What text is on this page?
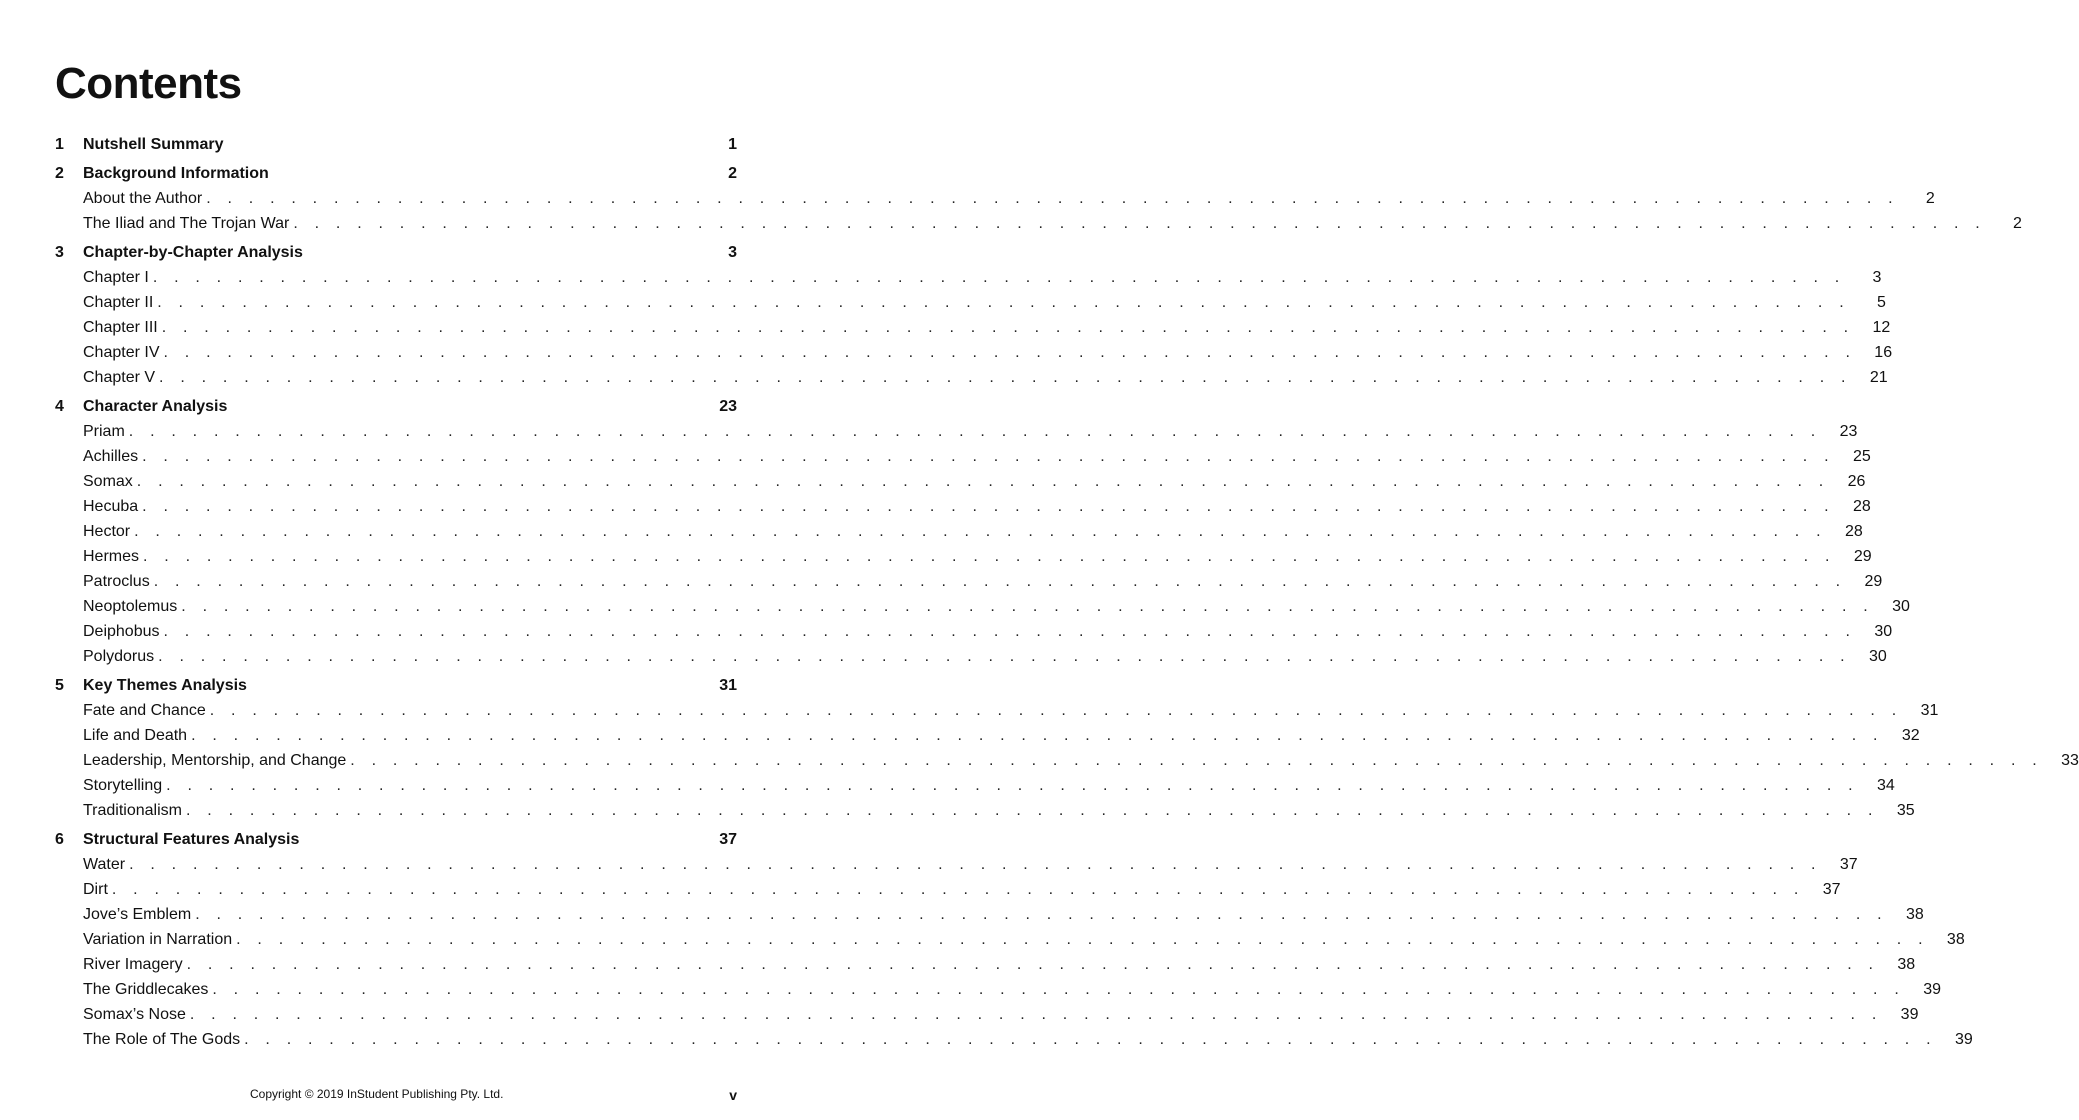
Contents
1	Nutshell Summary	1
2	Background Information	2
About the Author . . . . . . . . . . . . . . . . . . . . . . . . . . . . . . . . . . . . . . . . . . . . . . . . . . . . . . . . . . . . . . . . . . . . . . . . . . . . . . . .	2
The Iliad and The Trojan War . . . . . . . . . . . . . . . . . . . . . . . . . . . . . . . . . . . . . . . . . . . . . . . . . . . . . . . . . . . . . . . . . . . . . . . . . . . . . . . .	2
3	Chapter-by-Chapter Analysis	3
Chapter I . . . . . . . . . . . . . . . . . . . . . . . . . . . . . . . . . . . . . . . . . . . . . . . . . . . . . . . . . . . . . . . . . . . . . . . . . . . . . . . .	3
Chapter II . . . . . . . . . . . . . . . . . . . . . . . . . . . . . . . . . . . . . . . . . . . . . . . . . . . . . . . . . . . . . . . . . . . . . . . . . . . . . . . .	5
Chapter III . . . . . . . . . . . . . . . . . . . . . . . . . . . . . . . . . . . . . . . . . . . . . . . . . . . . . . . . . . . . . . . . . . . . . . . . . . . . . . . . 12
Chapter IV . . . . . . . . . . . . . . . . . . . . . . . . . . . . . . . . . . . . . . . . . . . . . . . . . . . . . . . . . . . . . . . . . . . . . . . . . . . . . . . . 16
Chapter V . . . . . . . . . . . . . . . . . . . . . . . . . . . . . . . . . . . . . . . . . . . . . . . . . . . . . . . . . . . . . . . . . . . . . . . . . . . . . . . . 21
4	Character Analysis	23
Priam . . . . . . . . . . . . . . . . . . . . . . . . . . . . . . . . . . . . . . . . . . . . . . . . . . . . . . . . . . . . . . . . . . . . . . . . . . . . . . . . 23
Achilles . . . . . . . . . . . . . . . . . . . . . . . . . . . . . . . . . . . . . . . . . . . . . . . . . . . . . . . . . . . . . . . . . . . . . . . . . . . . . . . . 25
Somax . . . . . . . . . . . . . . . . . . . . . . . . . . . . . . . . . . . . . . . . . . . . . . . . . . . . . . . . . . . . . . . . . . . . . . . . . . . . . . . . 26
Hecuba . . . . . . . . . . . . . . . . . . . . . . . . . . . . . . . . . . . . . . . . . . . . . . . . . . . . . . . . . . . . . . . . . . . . . . . . . . . . . . . . 28
Hector . . . . . . . . . . . . . . . . . . . . . . . . . . . . . . . . . . . . . . . . . . . . . . . . . . . . . . . . . . . . . . . . . . . . . . . . . . . . . . . . 28
Hermes . . . . . . . . . . . . . . . . . . . . . . . . . . . . . . . . . . . . . . . . . . . . . . . . . . . . . . . . . . . . . . . . . . . . . . . . . . . . . . . . 29
Patroclus . . . . . . . . . . . . . . . . . . . . . . . . . . . . . . . . . . . . . . . . . . . . . . . . . . . . . . . . . . . . . . . . . . . . . . . . . . . . . . . . 29
Neoptolemus . . . . . . . . . . . . . . . . . . . . . . . . . . . . . . . . . . . . . . . . . . . . . . . . . . . . . . . . . . . . . . . . . . . . . . . . . . . . . . . . 30
Deiphobus . . . . . . . . . . . . . . . . . . . . . . . . . . . . . . . . . . . . . . . . . . . . . . . . . . . . . . . . . . . . . . . . . . . . . . . . . . . . . . . . 30
Polydorus . . . . . . . . . . . . . . . . . . . . . . . . . . . . . . . . . . . . . . . . . . . . . . . . . . . . . . . . . . . . . . . . . . . . . . . . . . . . . . . . 30
5	Key Themes Analysis	31
Fate and Chance . . . . . . . . . . . . . . . . . . . . . . . . . . . . . . . . . . . . . . . . . . . . . . . . . . . . . . . . . . . . . . . . . . . . . . . . . . . . . . . . 31
Life and Death . . . . . . . . . . . . . . . . . . . . . . . . . . . . . . . . . . . . . . . . . . . . . . . . . . . . . . . . . . . . . . . . . . . . . . . . . . . . . . . . 32
Leadership, Mentorship, and Change . . . . . . . . . . . . . . . . . . . . . . . . . . . . . . . . . . . . . . . . . . . . . . . . . . . . . . . . . . . . . . . . . . . . . . . . . . . . . . . . 33
Storytelling . . . . . . . . . . . . . . . . . . . . . . . . . . . . . . . . . . . . . . . . . . . . . . . . . . . . . . . . . . . . . . . . . . . . . . . . . . . . . . . . 34
Traditionalism . . . . . . . . . . . . . . . . . . . . . . . . . . . . . . . . . . . . . . . . . . . . . . . . . . . . . . . . . . . . . . . . . . . . . . . . . . . . . . . . 35
6	Structural Features Analysis	37
Water . . . . . . . . . . . . . . . . . . . . . . . . . . . . . . . . . . . . . . . . . . . . . . . . . . . . . . . . . . . . . . . . . . . . . . . . . . . . . . . . 37
Dirt . . . . . . . . . . . . . . . . . . . . . . . . . . . . . . . . . . . . . . . . . . . . . . . . . . . . . . . . . . . . . . . . . . . . . . . . . . . . . . . . 37
Jove’s Emblem . . . . . . . . . . . . . . . . . . . . . . . . . . . . . . . . . . . . . . . . . . . . . . . . . . . . . . . . . . . . . . . . . . . . . . . . . . . . . . . . 38
Variation in Narration . . . . . . . . . . . . . . . . . . . . . . . . . . . . . . . . . . . . . . . . . . . . . . . . . . . . . . . . . . . . . . . . . . . . . . . . . . . . . . . . 38
River Imagery . . . . . . . . . . . . . . . . . . . . . . . . . . . . . . . . . . . . . . . . . . . . . . . . . . . . . . . . . . . . . . . . . . . . . . . . . . . . . . . . 38
The Griddlecakes . . . . . . . . . . . . . . . . . . . . . . . . . . . . . . . . . . . . . . . . . . . . . . . . . . . . . . . . . . . . . . . . . . . . . . . . . . . . . . . . 39
Somax’s Nose . . . . . . . . . . . . . . . . . . . . . . . . . . . . . . . . . . . . . . . . . . . . . . . . . . . . . . . . . . . . . . . . . . . . . . . . . . . . . . . . 39
The Role of The Gods . . . . . . . . . . . . . . . . . . . . . . . . . . . . . . . . . . . . . . . . . . . . . . . . . . . . . . . . . . . . . . . . . . . . . . . . . . . . . . . . 39
Copyright © 2019 InStudent Publishing Pty. Ltd.	v
